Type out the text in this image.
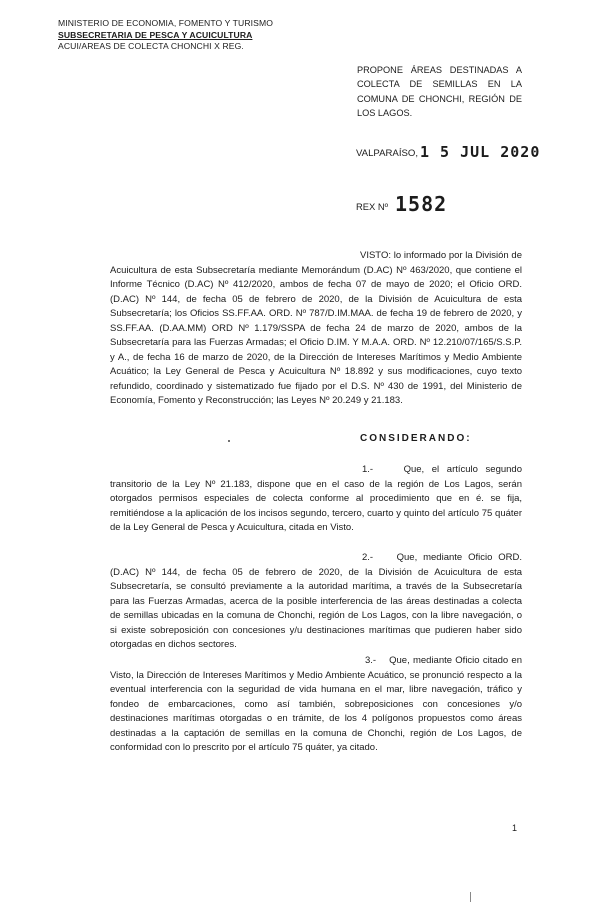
MINISTERIO DE ECONOMIA, FOMENTO Y TURISMO
SUBSECRETARIA DE PESCA Y ACUICULTURA
ACUI/AREAS DE COLECTA CHONCHI X REG.
PROPONE ÁREAS DESTINADAS A COLECTA DE SEMILLAS EN LA COMUNA DE CHONCHI, REGIÓN DE LOS LAGOS.
VALPARAÍSO, 1 5 JUL 2020
REX Nº 1582
VISTO: lo informado por la División de Acuicultura de esta Subsecretaría mediante Memorándum (D.AC) Nº 463/2020, que contiene el Informe Técnico (D.AC) Nº 412/2020, ambos de fecha 07 de mayo de 2020; el Oficio ORD. (D.AC) Nº 144, de fecha 05 de febrero de 2020, de la División de Acuicultura de esta Subsecretaría; los Oficios SS.FF.AA. ORD. Nº 787/D.IM.MAA. de fecha 19 de febrero de 2020, y SS.FF.AA. (D.AA.MM) ORD Nº 1.179/SSPA de fecha 24 de marzo de 2020, ambos de la Subsecretaría para las Fuerzas Armadas; el Oficio D.IM. Y M.A.A. ORD. Nº 12.210/07/165/S.S.P. y A., de fecha 16 de marzo de 2020, de la Dirección de Intereses Marítimos y Medio Ambiente Acuático; la Ley General de Pesca y Acuicultura Nº 18.892 y sus modificaciones, cuyo texto refundido, coordinado y sistematizado fue fijado por el D.S. Nº 430 de 1991, del Ministerio de Economía, Fomento y Reconstrucción; las Leyes Nº 20.249 y 21.183.
CONSIDERANDO:
1.-	Que, el artículo segundo transitorio de la Ley Nº 21.183, dispone que en el caso de la región de Los Lagos, serán otorgados permisos especiales de colecta conforme al procedimiento que en é. se fija, remitiéndose a la aplicación de los incisos segundo, tercero, cuarto y quinto del artículo 75 quáter de la Ley General de Pesca y Acuicultura, citada en Visto.
2.- Que, mediante Oficio ORD. (D.AC) Nº 144, de fecha 05 de febrero de 2020, de la División de Acuicultura de esta Subsecretaría, se consultó previamente a la autoridad marítima, a través de la Subsecretaría para las Fuerzas Armadas, acerca de la posible interferencia de las áreas destinadas a colecta de semillas ubicadas en la comuna de Chonchi, región de Los Lagos, con la libre navegación, o si existe sobreposición con concesiones y/u destinaciones marítimas que pudieren haber sido otorgadas en dichos sectores.
3.- Que, mediante Oficio citado en Visto, la Dirección de Intereses Marítimos y Medio Ambiente Acuático, se pronunció respecto a la eventual interferencia con la seguridad de vida humana en el mar, libre navegación, tráfico y fondeo de embarcaciones, como así también, sobreposiciones con concesiones y/o destinaciones marítimas otorgadas o en trámite, de los 4 polígonos propuestos como áreas destinadas a la captación de semillas en la comuna de Chonchi, región de Los Lagos, de conformidad con lo prescrito por el artículo 75 quáter, ya citado.
1
